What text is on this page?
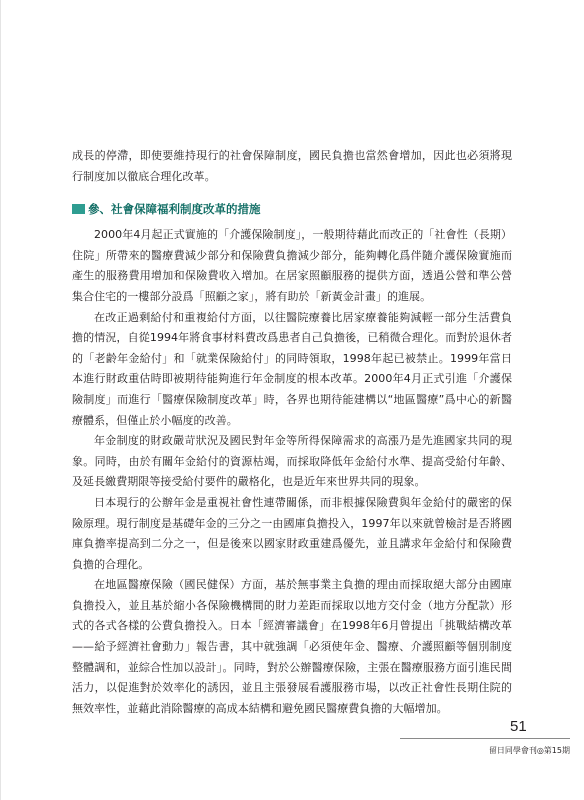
成長的停滯，即使要維持現行的社會保障制度，國民負擔也當然會增加，因此也必須將現行制度加以徹底合理化改革。

參、社會保障福利制度改革的措施

2000年4月起正式實施的「介護保險制度」，一般期待藉此而改正的「社會性（長期）住院」所帶來的醫療費減少部分和保險費負擔減少部分，能夠轉化爲伴隨介護保險實施而產生的服務費用增加和保險費收入增加。在居家照顧服務的提供方面，透過公營和準公營集合住宅的一樓部分設爲「照顧之家」，將有助於「新黃金計畫」的進展。

在改正過剩給付和重複給付方面，以往醫院療養比居家療養能夠減輕一部分生活費負擔的情況，自從1994年將食事材料費改爲患者自己負擔後，已稍微合理化。而對於退休者的「老齡年金給付」和「就業保險給付」的同時領取，1998年起已被禁止。1999年當日本進行財政重估時即被期待能夠進行年金制度的根本改革。2000年4月正式引進「介護保險制度」而進行「醫療保險制度改革」時，各界也期待能建構以“地區醫療”爲中心的新醫療體系，但僅止於小幅度的改善。

年金制度的財政嚴苛狀況及國民對年金等所得保障需求的高漲乃是先進國家共同的現象。同時，由於有關年金給付的資源枯竭，而採取降低年金給付水準、提高受給付年齡、及延長繳費期限等接受給付要件的嚴格化，也是近年來世界共同的現象。

日本現行的公辦年金是重視社會性連帶關係，而非根據保險費與年金給付的嚴密的保險原理。現行制度是基礎年金的三分之一由國庫負擔投入，1997年以來就曾檢討是否將國庫負擔率提高到二分之一，但是後來以國家財政重建爲優先，並且講求年金給付和保險費負擔的合理化。

在地區醫療保險（國民健保）方面，基於無事業主負擔的理由而採取絕大部分由國庫負擔投入，並且基於縮小各保險機構間的財力差距而採取以地方交付金（地方分配款）形式的各式各樣的公費負擔投入。日本「經濟審議會」在1998年6月曾提出「挑戰結構改革——給予經濟社會動力」報告書，其中就強調「必須使年金、醫療、介護照顧等個別制度整體調和，並綜合性加以設計」。同時，對於公辦醫療保險，主張在醫療服務方面引進民間活力，以促進對於效率化的誘因，並且主張發展看護服務市場，以改正社會性長期住院的無效率性，並藉此消除醫療的高成本結構和避免國民醫療費負擔的大幅增加。

51
留日同學會刊◎第15期
